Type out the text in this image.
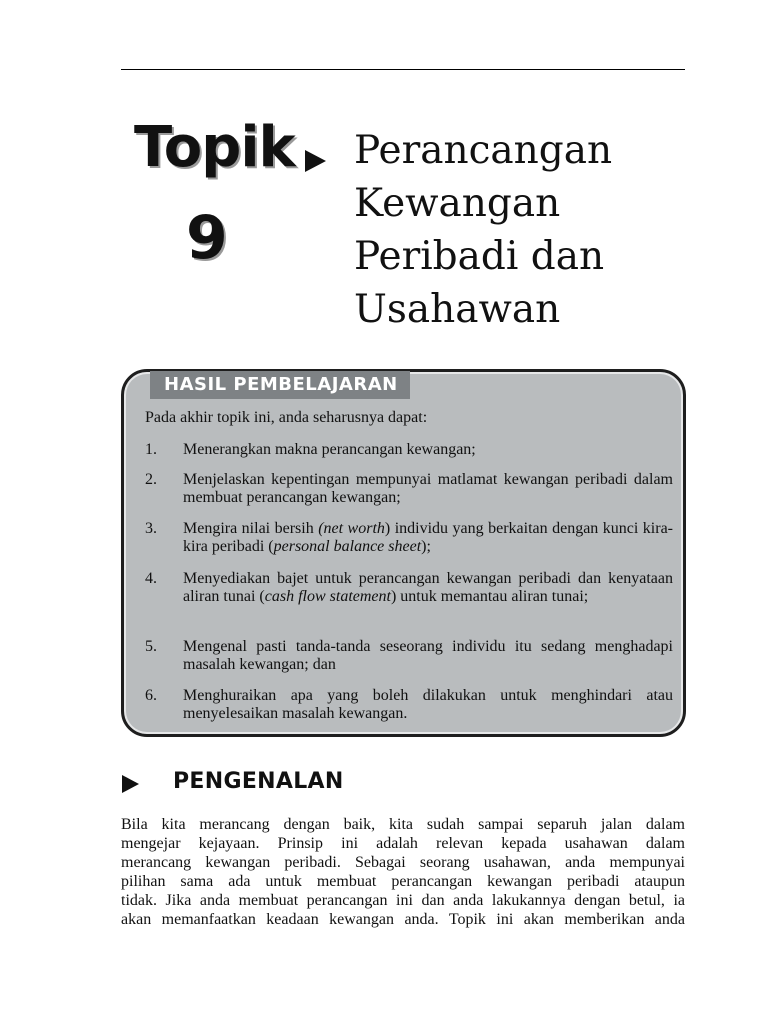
Topik
9
Perancangan
Kewangan
Peribadi dan
Usahawan
HASIL PEMBELAJARAN
Pada akhir topik ini, anda seharusnya dapat:
1. Menerangkan makna perancangan kewangan;
2. Menjelaskan kepentingan mempunyai matlamat kewangan peribadi dalam membuat perancangan kewangan;
3. Mengira nilai bersih (net worth) individu yang berkaitan dengan kunci kira-kira peribadi (personal balance sheet);
4. Menyediakan bajet untuk perancangan kewangan peribadi dan kenyataan aliran tunai (cash flow statement) untuk memantau aliran tunai;
5. Mengenal pasti tanda-tanda seseorang individu itu sedang menghadapi masalah kewangan; dan
6. Menghuraikan apa yang boleh dilakukan untuk menghindari atau menyelesaikan masalah kewangan.
PENGENALAN
Bila kita merancang dengan baik, kita sudah sampai separuh jalan dalam
mengejar kejayaan. Prinsip ini adalah relevan kepada usahawan dalam
merancang kewangan peribadi. Sebagai seorang usahawan, anda mempunyai
pilihan sama ada untuk membuat perancangan kewangan peribadi ataupun
tidak. Jika anda membuat perancangan ini dan anda lakukannya dengan betul, ia
akan memanfaatkan keadaan kewangan anda. Topik ini akan memberikan anda
